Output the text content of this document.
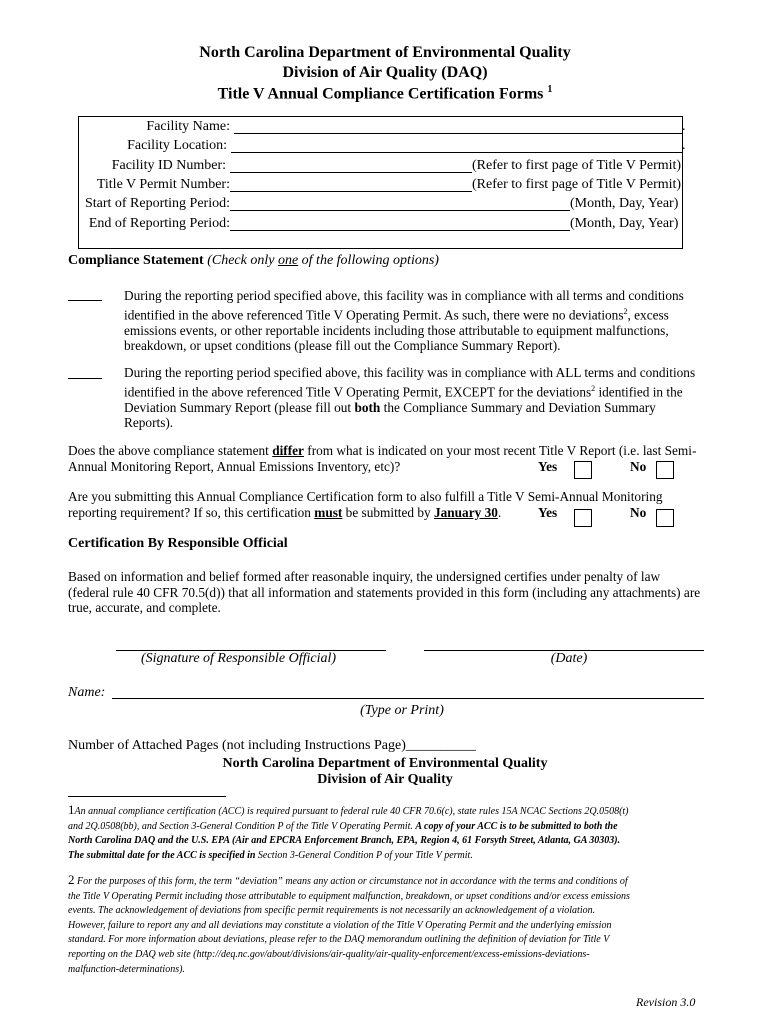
North Carolina Department of Environmental Quality
Division of Air Quality (DAQ)
Title V Annual Compliance Certification Forms $^1$
Facility Name:	.
Facility Location:	.
Facility ID Number:	(Refer to first page of Title V Permit)
Title V Permit Number:	(Refer to first page of Title V Permit)
Start of Reporting Period:	(Month, Day, Year)
End of Reporting Period:	(Month, Day, Year)
Compliance Statement (Check only one of the following options)
During the reporting period specified above, this facility was in compliance with all terms and conditions
identified in the above referenced Title V Operating Permit. As such, there were no deviations$^2$, excess
emissions events, or other reportable incidents including those attributable to equipment malfunctions,
breakdown, or upset conditions (please fill out the Compliance Summary Report).
During the reporting period specified above, this facility was in compliance with ALL terms and conditions
identified in the above referenced Title V Operating Permit, EXCEPT for the deviations$^2$ identified in the
Deviation Summary Report (please fill out both the Compliance Summary and Deviation Summary
Reports).
Does the above compliance statement differ from what is indicated on your most recent Title V Report (i.e. last Semi-
Annual Monitoring Report, Annual Emissions Inventory, etc)?	Yes	No
Are you submitting this Annual Compliance Certification form to also fulfill a Title V Semi-Annual Monitoring
reporting requirement? If so, this certification must be submitted by January 30.	Yes	No
Certification By Responsible Official
Based on information and belief formed after reasonable inquiry, the undersigned certifies under penalty of law
(federal rule 40 CFR 70.5(d)) that all information and statements provided in this form (including any attachments) are
true, accurate, and complete.
(Signature of Responsible Official)	(Date)
Name:
(Type or Print)
Number of Attached Pages (not including Instructions Page)__________
North Carolina Department of Environmental Quality
Division of Air Quality
1An annual compliance certification (ACC) is required pursuant to federal rule 40 CFR 70.6(c), state rules 15A NCAC Sections 2Q.0508(t)
and 2Q.0508(bb), and Section 3-General Condition P of the Title V Operating Permit. A copy of your ACC is to be submitted to both the
North Carolina DAQ and the U.S. EPA (Air and EPCRA Enforcement Branch, EPA, Region 4, 61 Forsyth Street, Atlanta, GA 30303).
The submittal date for the ACC is specified in Section 3-General Condition P of your Title V permit.
2 For the purposes of this form, the term “deviation” means any action or circumstance not in accordance with the terms and conditions of
the Title V Operating Permit including those attributable to equipment malfunction, breakdown, or upset conditions and/or excess emissions
events. The acknowledgement of deviations from specific permit requirements is not necessarily an acknowledgement of a violation.
However, failure to report any and all deviations may constitute a violation of the Title V Operating Permit and the underlying emission
standard. For more information about deviations, please refer to the DAQ memorandum outlining the definition of deviation for Title V
reporting on the DAQ web site (http://deq.nc.gov/about/divisions/air-quality/air-quality-enforcement/excess-emissions-deviations-
malfunction-determinations).
Revision 3.0
